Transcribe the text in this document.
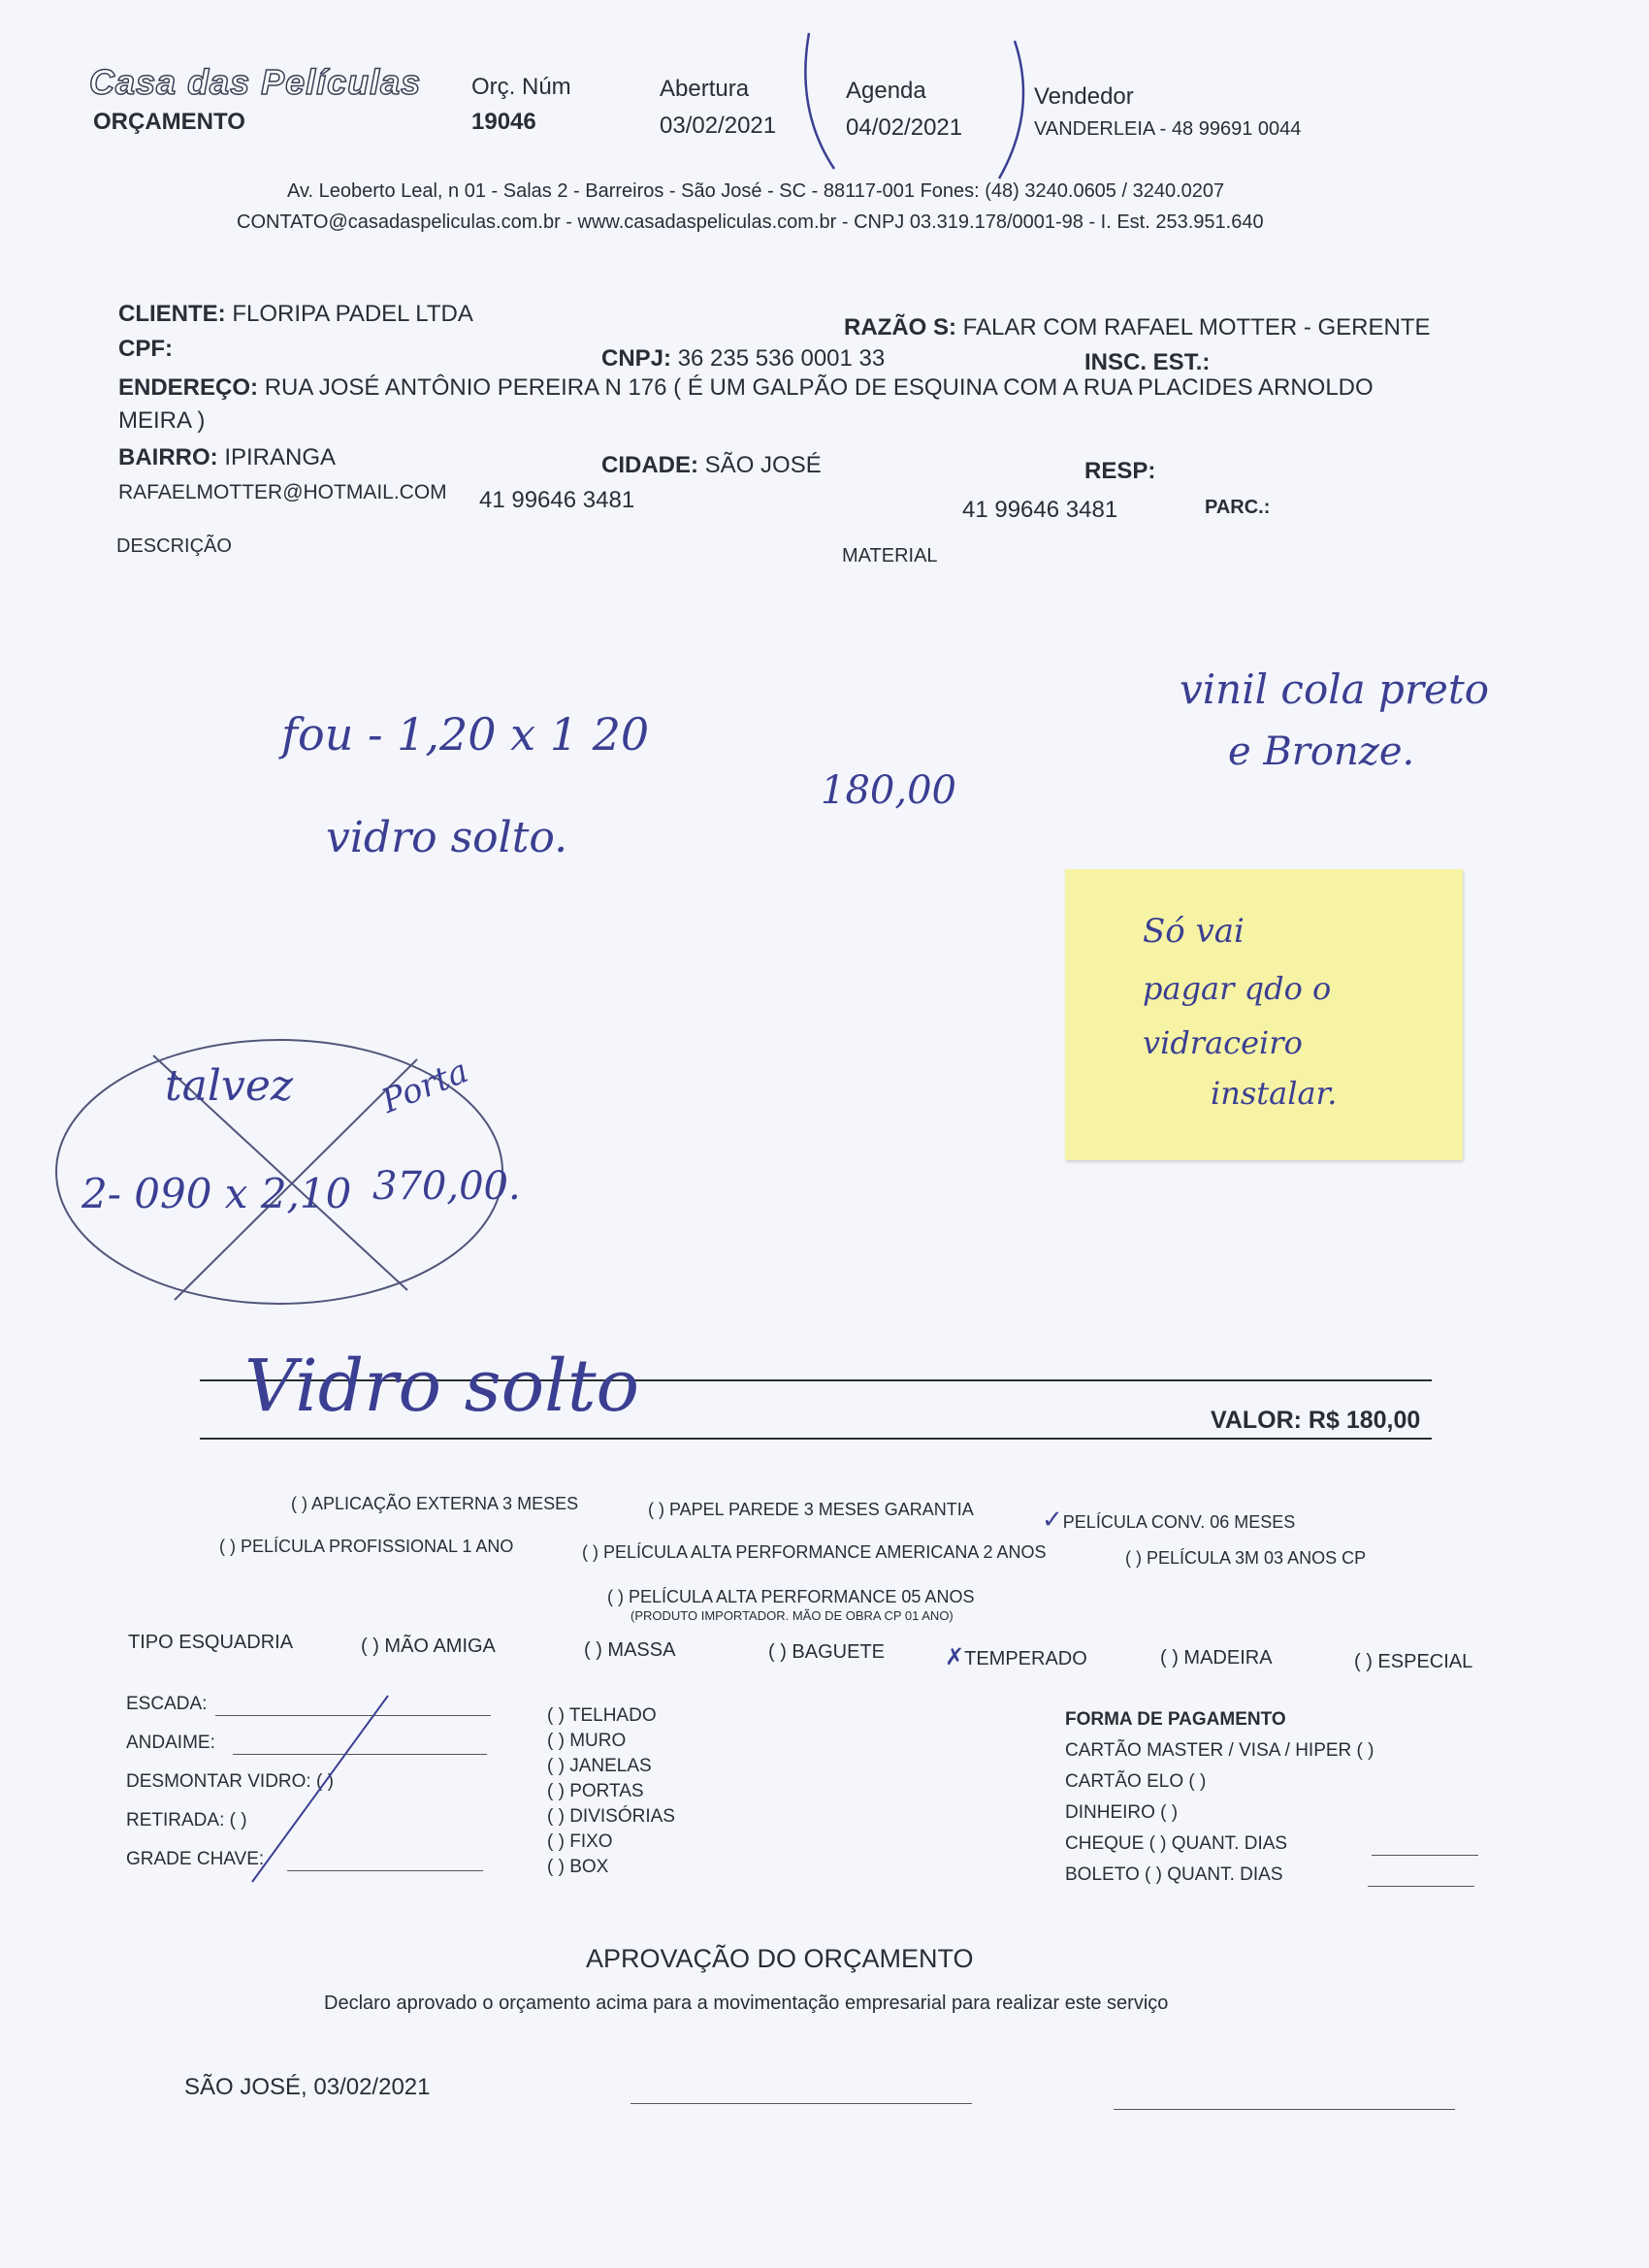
Casa das Películas
ORÇAMENTO
Orç. Núm
19046
Abertura
03/02/2021
Agenda
04/02/2021
Vendedor
VANDERLEIA - 48 99691 0044
Av. Leoberto Leal, n 01 - Salas 2 - Barreiros - São José - SC - 88117-001 Fones: (48) 3240.0605 / 3240.0207
CONTATO@casadaspeliculas.com.br - www.casadaspeliculas.com.br - CNPJ 03.319.178/0001-98 - I. Est. 253.951.640
CLIENTE: FLORIPA PADEL LTDA
RAZÃO S: FALAR COM RAFAEL MOTTER - GERENTE
CPF:	CNPJ: 36 235 536 0001 33	INSC. EST.:
ENDEREÇO: RUA JOSÉ ANTÔNIO PEREIRA N 176 ( É UM GALPÃO DE ESQUINA COM A RUA PLACIDES ARNOLDO
MEIRA )
BAIRRO: IPIRANGA	CIDADE: SÃO JOSÉ	RESP:
RAFAELMOTTER@HOTMAIL.COM 41 99646 3481	41 99646 3481	PARC.:
DESCRIÇÃO	MATERIAL
fou - 1,20 x 1 20
vidro solto.
180,00
vinil cola preto
e Bronze.
Só vai
pagar qdo o
vidraceiro
instalar.
talvez	Porta
2- 090 x 2,10 370,00.
Vidro solto	VALOR: R$ 180,00
( ) APLICAÇÃO EXTERNA 3 MESES	( ) PAPEL PAREDE 3 MESES GARANTIA	✓PELÍCULA CONV. 06 MESES
( ) PELÍCULA PROFISSIONAL 1 ANO	( ) PELÍCULA ALTA PERFORMANCE AMERICANA 2 ANOS	( ) PELÍCULA 3M 03 ANOS CP
( ) PELÍCULA ALTA PERFORMANCE 05 ANOS
(PRODUTO IMPORTADOR. MÃO DE OBRA CP 01 ANO)
TIPO ESQUADRIA	( ) MÃO AMIGA	( ) MASSA	( ) BAGUETE	✗TEMPERADO	( ) MADEIRA	( ) ESPECIAL
ESCADA:
ANDAIME:
DESMONTAR VIDRO: ( )
RETIRADA: ( )
GRADE CHAVE:
( ) TELHADO
( ) MURO
( ) JANELAS
( ) PORTAS
( ) DIVISÓRIAS
( ) FIXO
( ) BOX
FORMA DE PAGAMENTO
CARTÃO MASTER / VISA / HIPER ( )
CARTÃO ELO ( )
DINHEIRO ( )
CHEQUE ( ) QUANT. DIAS
BOLETO ( ) QUANT. DIAS
APROVAÇÃO DO ORÇAMENTO
Declaro aprovado o orçamento acima para a movimentação empresarial para realizar este serviço
SÃO JOSÉ, 03/02/2021
